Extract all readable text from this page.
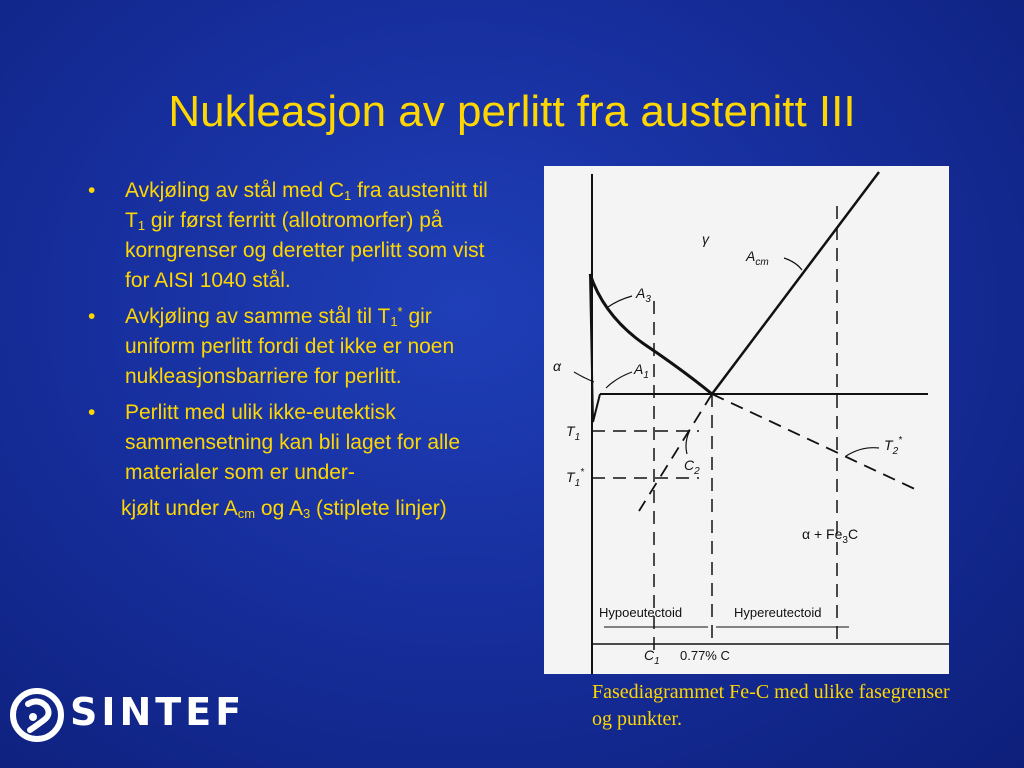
Nukleasjon av perlitt fra austenitt III
• Avkjøling av stål med $C_1$ fra austenitt til $T_1$ gir først ferritt (allotromorfer) på korngrenser og deretter perlitt som vist for AISI 1040 stål.
• Avkjøling av samme stål til $T_1^*$ gir uniform perlitt fordi det ikke er noen nukleasjonsbarriere for perlitt.
• Perlitt med ulik ikke-eutektisk sammensetning kan bli laget for alle materialer som er under-
kjølt under $A_{cm}$ og $A_3$ (stiplete linjer)
γ
$A_{cm}$
$A_3$
$A_1$
α
$T_1$
$T_1^*$	$C_2$
$T_2^*$
$\alpha + Fe_3C$
Hypoeutectoid	Hypereutectoid
$C_1$ 0.77% C
Fasediagrammet Fe-C med ulike fasegrenser og punkter.
SINTEF
